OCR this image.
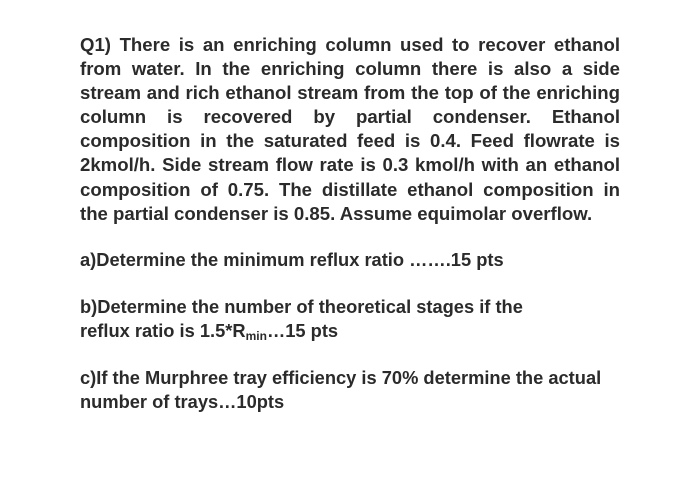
Q1) There is an enriching column used to recover ethanol from water. In the enriching column there is also a side stream and rich ethanol stream from the top of the enriching column is recovered by partial condenser. Ethanol composition in the saturated feed is 0.4. Feed flowrate is 2kmol/h. Side stream flow rate is 0.3 kmol/h with an ethanol composition of 0.75. The distillate ethanol composition in the partial condenser is 0.85. Assume equimolar overflow.

a)Determine the minimum reflux ratio …….15 pts

b)Determine the number of theoretical stages if the
reflux ratio is $1.5*R_{min}\dots 15$ pts

c)If the Murphree tray efficiency is 70% determine the actual number of trays…10pts
